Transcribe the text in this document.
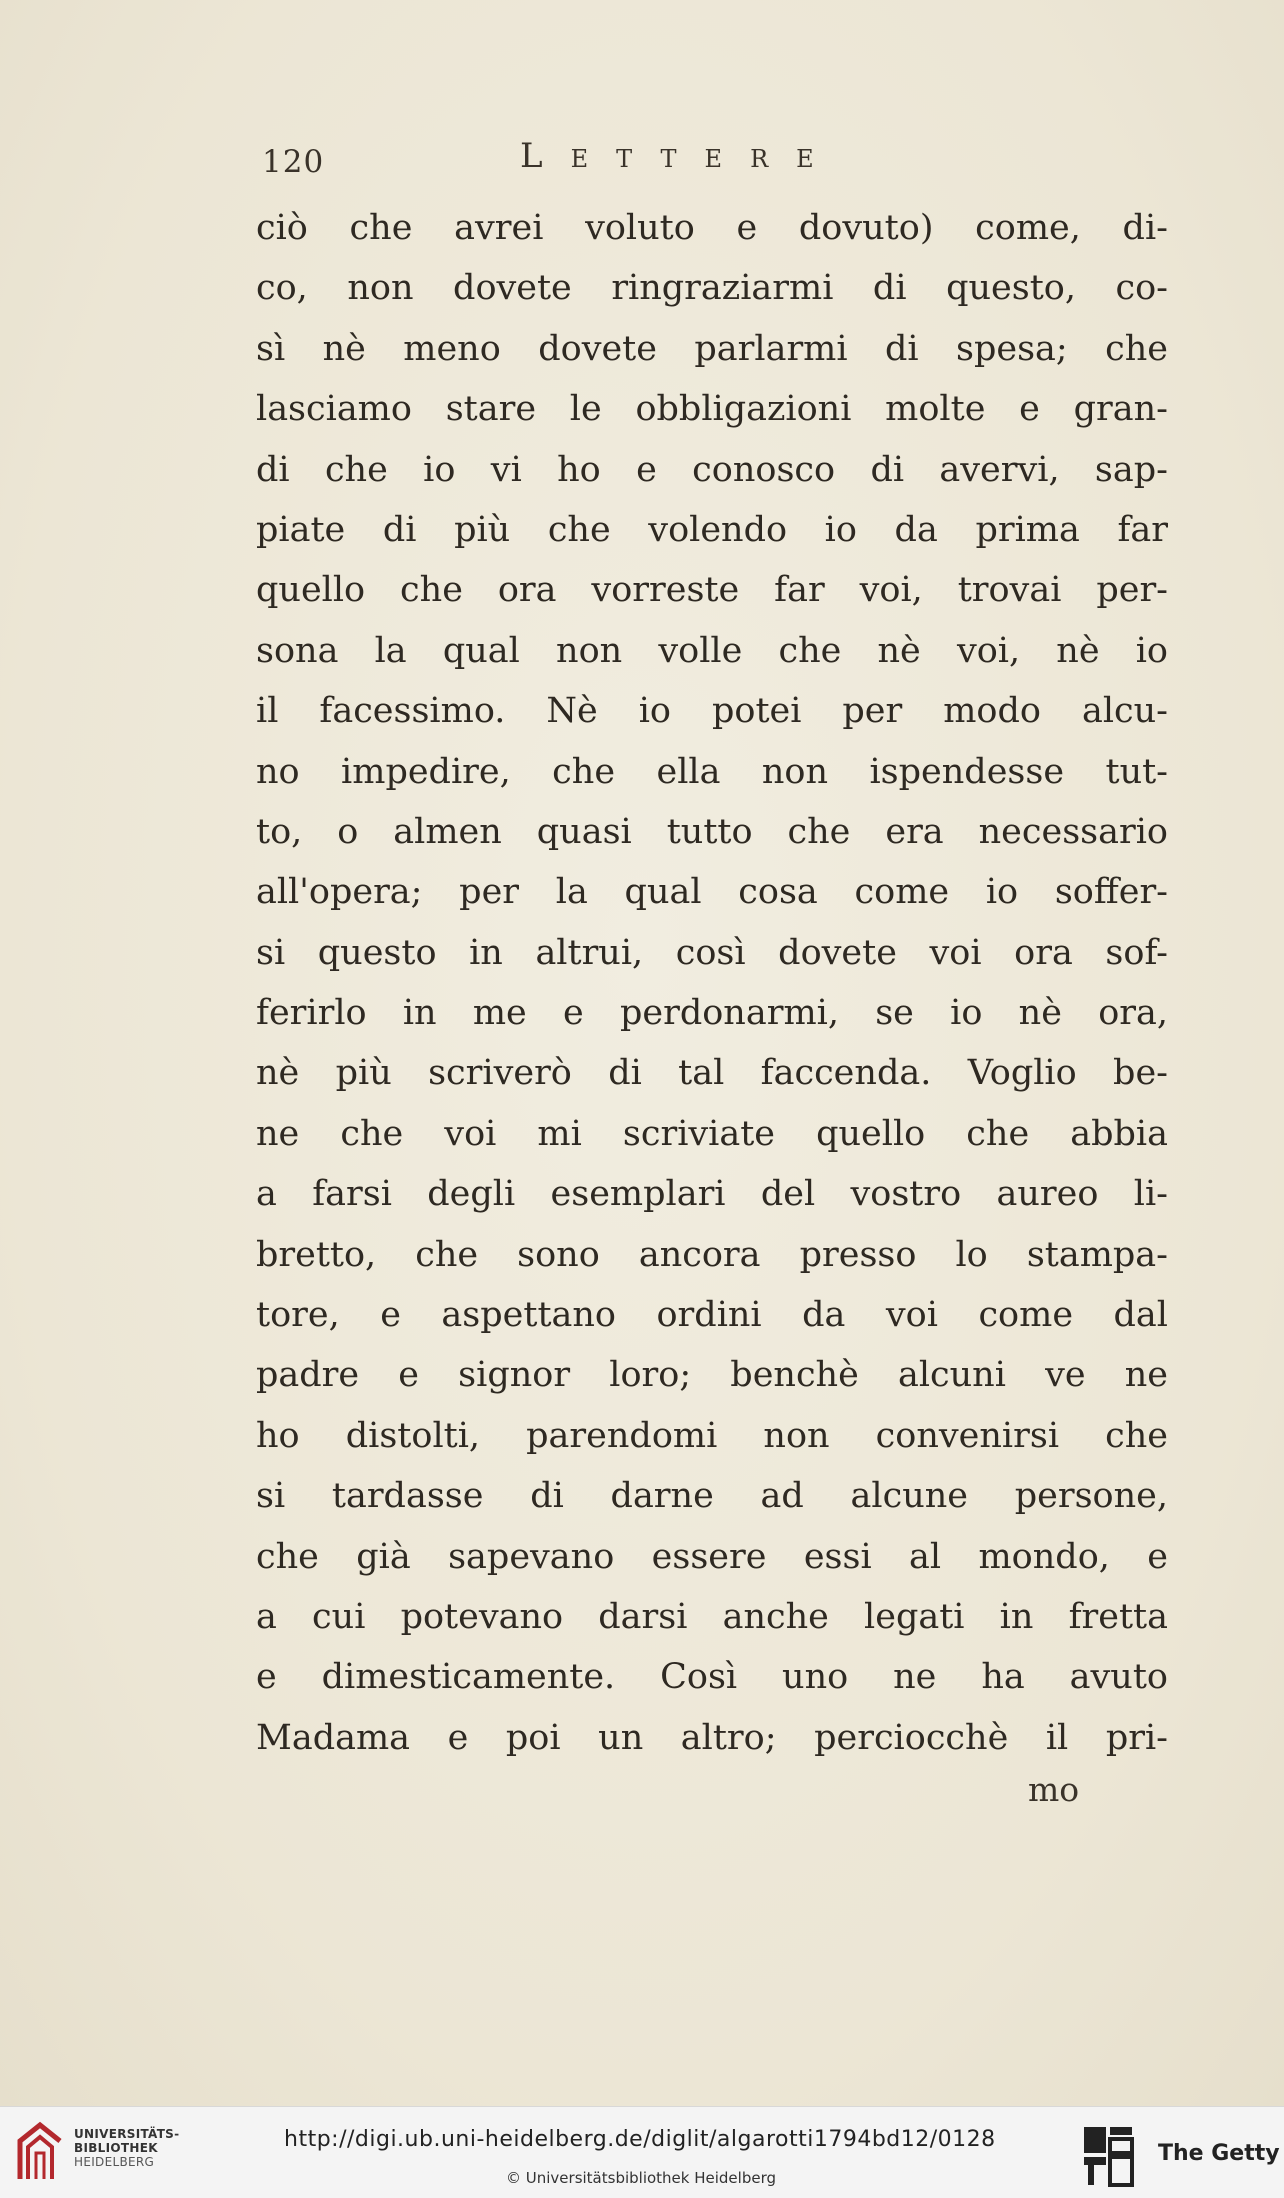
120	Lettere
ciò che avrei voluto e dovuto) come, di-
co, non dovete ringraziarmi di questo, co-
sì nè meno dovete parlarmi di spesa; che
lasciamo stare le obbligazioni molte e gran-
di che io vi ho e conosco di avervi, sap-
piate di più che volendo io da prima far
quello che ora vorreste far voi, trovai per-
sona la qual non volle che nè voi, nè io
il facessimo. Nè io potei per modo alcu-
no impedire, che ella non ispendesse tut-
to, o almen quasi tutto che era necessario
all'opera; per la qual cosa come io soffer-
si questo in altrui, così dovete voi ora sof-
ferirlo in me e perdonarmi, se io nè ora,
nè più scriverò di tal faccenda. Voglio be-
ne che voi mi scriviate quello che abbia
a farsi degli esemplari del vostro aureo li-
bretto, che sono ancora presso lo stampa-
tore, e aspettano ordini da voi come dal
padre e signor loro; benchè alcuni ve ne
ho distolti, parendomi non convenirsi che
si tardasse di darne ad alcune persone,
che già sapevano essere essi al mondo, e
a cui potevano darsi anche legati in fretta
e dimesticamente. Così uno ne ha avuto
Madama e poi un altro; perciocchè il pri-
mo
UNIVERSITÄTS-
BIBLIOTHEK
HEIDELBERG
http://digi.ub.uni-heidelberg.de/diglit/algarotti1794bd12/0128
© Universitätsbibliothek Heidelberg
The Getty
